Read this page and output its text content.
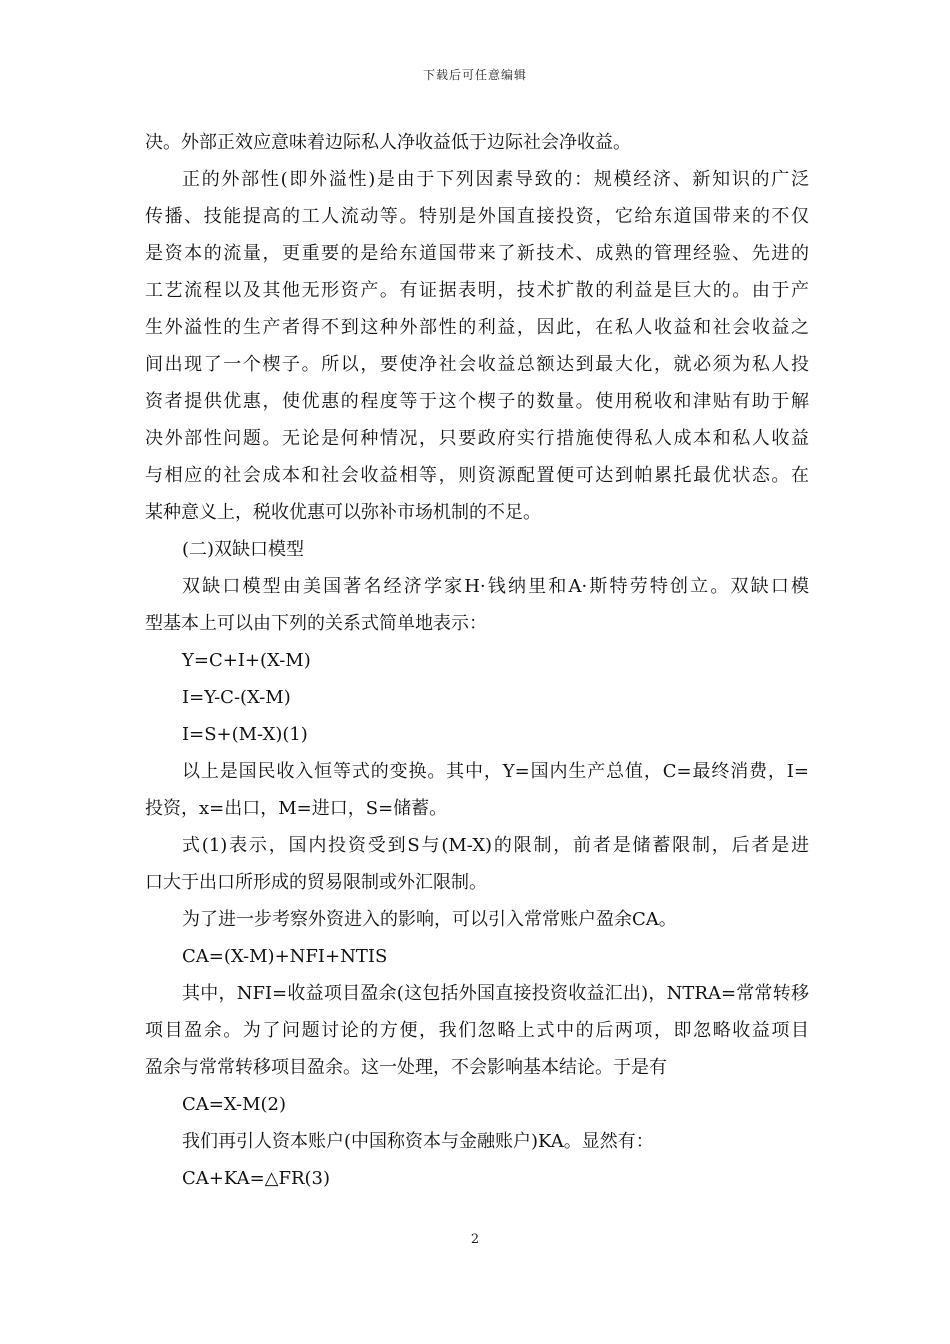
下载后可任意编辑
决。外部正效应意味着边际私人净收益低于边际社会净收益。
正的外部性(即外溢性)是由于下列因素导致的：规模经济、新知识的广泛
传播、技能提高的工人流动等。特别是外国直接投资，它给东道国带来的不仅
是资本的流量，更重要的是给东道国带来了新技术、成熟的管理经验、先进的
工艺流程以及其他无形资产。有证据表明，技术扩散的利益是巨大的。由于产
生外溢性的生产者得不到这种外部性的利益，因此，在私人收益和社会收益之
间出现了一个楔子。所以，要使净社会收益总额达到最大化，就必须为私人投
资者提供优惠，使优惠的程度等于这个楔子的数量。使用税收和津贴有助于解
决外部性问题。无论是何种情况，只要政府实行措施使得私人成本和私人收益
与相应的社会成本和社会收益相等，则资源配置便可达到帕累托最优状态。在
某种意义上，税收优惠可以弥补市场机制的不足。
(二)双缺口模型
双缺口模型由美国著名经济学家H·钱纳里和A·斯特劳特创立。双缺口模
型基本上可以由下列的关系式简单地表示：
Y=C+I+(X-M)
I=Y-C-(X-M)
I=S+(M-X)(1)
以上是国民收入恒等式的变换。其中，Y=国内生产总值，C=最终消费，I=
投资，x=出口，M=进口，S=储蓄。
式(1)表示，国内投资受到S与(M-X)的限制，前者是储蓄限制，后者是进
口大于出口所形成的贸易限制或外汇限制。
为了进一步考察外资进入的影响，可以引入常常账户盈余CA。
CA=(X-M)+NFI+NTIS
其中，NFI=收益项目盈余(这包括外国直接投资收益汇出)，NTRA=常常转移
项目盈余。为了问题讨论的方便，我们忽略上式中的后两项，即忽略收益项目
盈余与常常转移项目盈余。这一处理，不会影响基本结论。于是有
CA=X-M(2)
我们再引人资本账户(中国称资本与金融账户)KA。显然有：
CA+KA=△FR(3)
2
